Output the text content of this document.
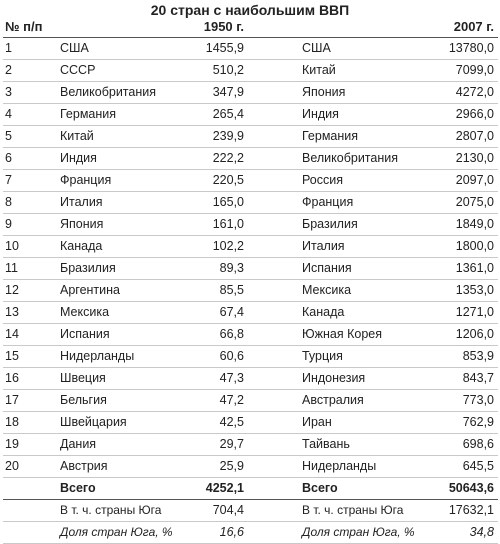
20 стран с наибольшим ВВП
№ п/п		1950 г.			2007 г.
1	США	1455,9		США	13780,0
2	СССР	510,2		Китай	7099,0
3	Великобритания	347,9		Япония	4272,0
4	Германия	265,4		Индия	2966,0
5	Китай	239,9		Германия	2807,0
6	Индия	222,2		Великобритания	2130,0
7	Франция	220,5		Россия	2097,0
8	Италия	165,0		Франция	2075,0
9	Япония	161,0		Бразилия	1849,0
10	Канада	102,2		Италия	1800,0
11	Бразилия	89,3		Испания	1361,0
12	Аргентина	85,5		Мексика	1353,0
13	Мексика	67,4		Канада	1271,0
14	Испания	66,8		Южная Корея	1206,0
15	Нидерланды	60,6		Турция	853,9
16	Швеция	47,3		Индонезия	843,7
17	Бельгия	47,2		Австралия	773,0
18	Швейцария	42,5		Иран	762,9
19	Дания	29,7		Тайвань	698,6
20	Австрия	25,9		Нидерланды	645,5
	Всего	4252,1		Всего	50643,6
	В т. ч. страны Юга	704,4		В т. ч. страны Юга	17632,1
	Доля стран Юга, %	16,6		Доля стран Юга, %	34,8
